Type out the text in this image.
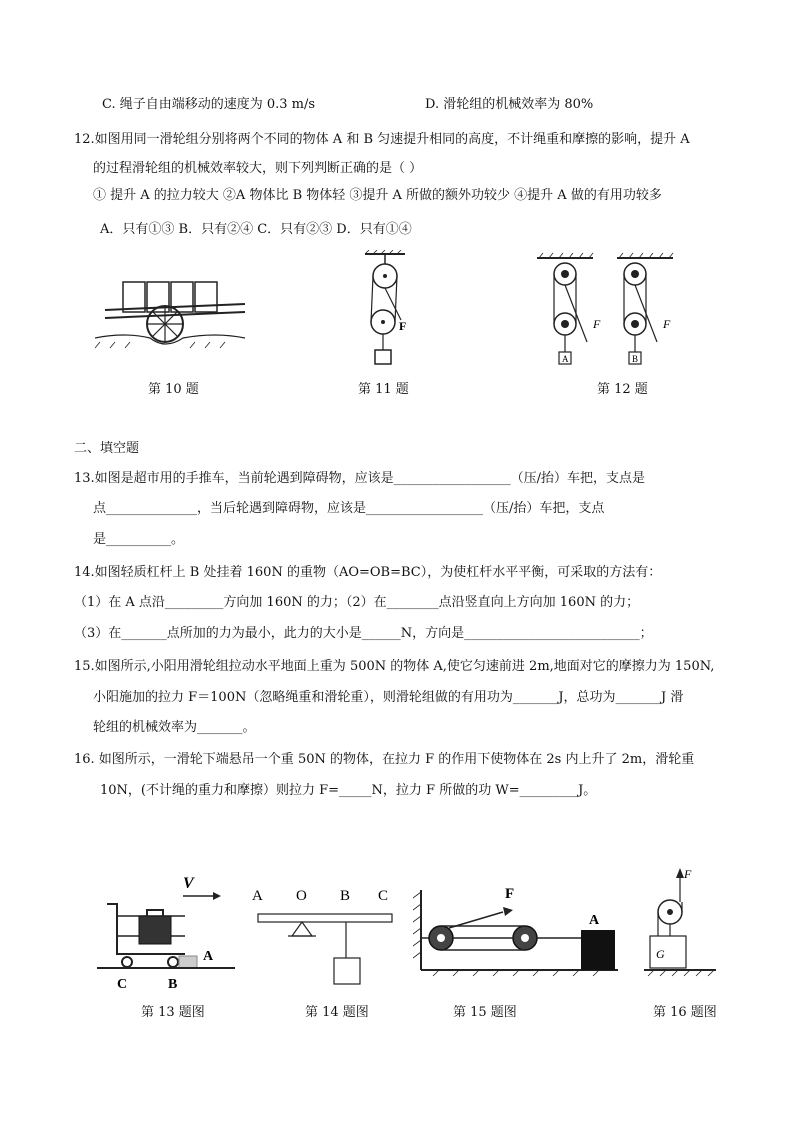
C. 绳子自由端移动的速度为 0.3 m/s	D. 滑轮组的机械效率为 80%
12.如图用同一滑轮组分别将两个不同的物体 A 和 B 匀速提升相同的高度，不计绳重和摩擦的影响，提升 A
的过程滑轮组的机械效率较大，则下列判断正确的是（ ）
① 提升 A 的拉力较大 ②A 物体比 B 物体轻 ③提升 A 所做的额外功较少 ④提升 A 做的有用功较多
A．只有①③ B．只有②④ C．只有②③ D．只有①④
第 10 题
F
第 11 题
A
F
B
F
第 12 题
二、填空题
13.如图是超市用的手推车，当前轮遇到障碍物，应该是__________________（压/抬）车把，支点是
点______________，当后轮遇到障碍物，应该是__________________（压/抬）车把，支点
是__________。
14.如图轻质杠杆上 B 处挂着 160N 的重物（AO=OB=BC），为使杠杆水平平衡，可采取的方法有：
（1）在 A 点沿_________方向加 160N 的力；（2）在________点沿竖直向上方向加 160N 的力；
（3）在_______点所加的力为最小，此力的大小是______N，方向是___________________________；
15.如图所示,小阳用滑轮组拉动水平地面上重为 500N 的物体 A,使它匀速前进 2m,地面对它的摩擦力为 150N,
小阳施加的拉力 F＝100N（忽略绳重和滑轮重），则滑轮组做的有用功为_______J，总功为_______J 滑
轮组的机械效率为_______。
16. 如图所示，一滑轮下端悬吊一个重 50N 的物体，在拉力 F 的作用下使物体在 2s 内上升了 2m，滑轮重
10N，(不计绳的重力和摩擦）则拉力 F=_____N，拉力 F 所做的功 W=_________J。
V
A
C	B
第 13 题图
A O B C
第 14 题图
F
A
第 15 题图
F
G
第 16 题图
